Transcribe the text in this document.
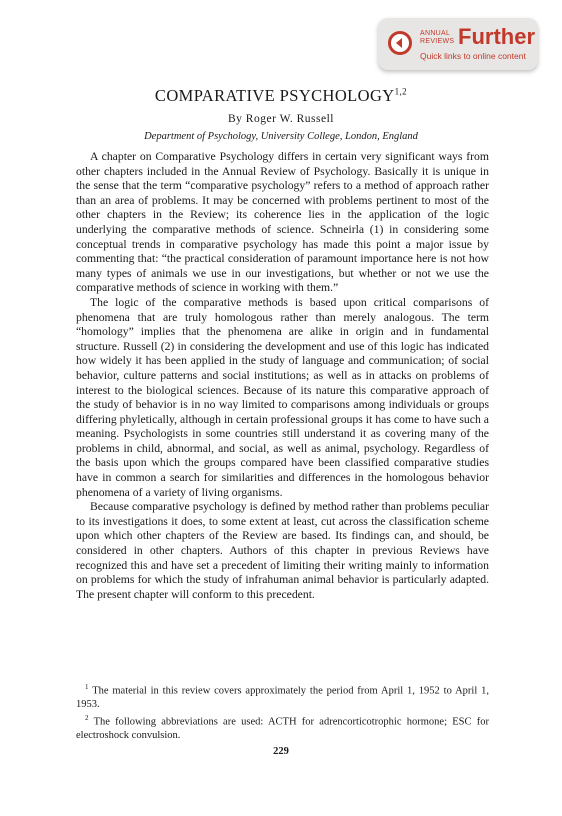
ANNUAL
REVIEWS Further
Quick links to online content
COMPARATIVE PSYCHOLOGY$^{1,2}$
By Roger W. Russell
Department of Psychology, University College, London, England

A chapter on Comparative Psychology differs in certain very significant ways from other chapters included in the Annual Review of Psychology. Basically it is unique in the sense that the term “comparative psychology” refers to a method of approach rather than an area of problems. It may be concerned with problems pertinent to most of the other chapters in the Review; its coherence lies in the application of the logic underlying the comparative methods of science. Schneirla (1) in considering some conceptual trends in comparative psychology has made this point a major issue by commenting that: “the practical consideration of paramount importance here is not how many types of animals we use in our investigations, but whether or not we use the comparative methods of science in working with them.”

The logic of the comparative methods is based upon critical comparisons of phenomena that are truly homologous rather than merely analogous. The term “homology” implies that the phenomena are alike in origin and in fundamental structure. Russell (2) in considering the development and use of this logic has indicated how widely it has been applied in the study of language and communication; of social behavior, culture patterns and social institutions; as well as in attacks on problems of interest to the biological sciences. Because of its nature this comparative approach of the study of behavior is in no way limited to comparisons among individuals or groups differing phyletically, although in certain professional groups it has come to have such a meaning. Psychologists in some countries still understand it as covering many of the problems in child, abnormal, and social, as well as animal, psychology. Regardless of the basis upon which the groups compared have been classified comparative studies have in common a search for similarities and differences in the homologous behavior phenomena of a variety of living organisms.

Because comparative psychology is defined by method rather than problems peculiar to its investigations it does, to some extent at least, cut across the classification scheme upon which other chapters of the Review are based. Its findings can, and should, be considered in other chapters. Authors of this chapter in previous Reviews have recognized this and have set a precedent of limiting their writing mainly to information on problems for which the study of infrahuman animal behavior is particularly adapted. The present chapter will conform to this precedent.

$^1$ The material in this review covers approximately the period from April 1, 1952 to April 1, 1953.

$^2$ The following abbreviations are used: ACTH for adrencorticotrophic hormone; ESC for electroshock convulsion.

229
